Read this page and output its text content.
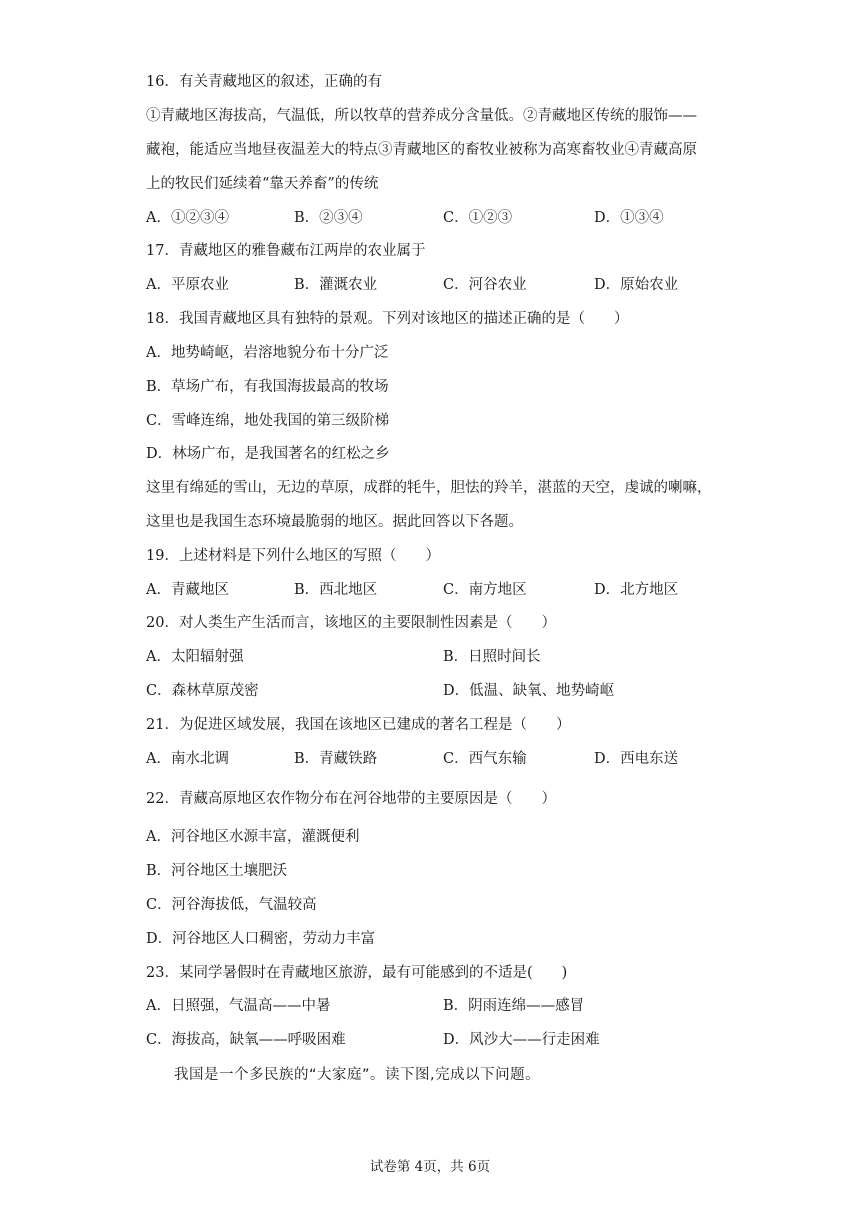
16．有关青藏地区的叙述，正确的有
①青藏地区海拔高，气温低，所以牧草的营养成分含量低。②青藏地区传统的服饰——
藏袍，能适应当地昼夜温差大的特点③青藏地区的畜牧业被称为高寒畜牧业④青藏高原
上的牧民们延续着“靠天养畜”的传统
A．①②③④	B．②③④	C．①②③	D．①③④
17．青藏地区的雅鲁藏布江两岸的农业属于
A．平原农业	B．灌溉农业	C．河谷农业	D．原始农业
18．我国青藏地区具有独特的景观。下列对该地区的描述正确的是（　　）
A．地势崎岖，岩溶地貌分布十分广泛
B．草场广布，有我国海拔最高的牧场
C．雪峰连绵，地处我国的第三级阶梯
D．林场广布，是我国著名的红松之乡
这里有绵延的雪山，无边的草原，成群的牦牛，胆怯的羚羊，湛蓝的天空，虔诚的喇嘛，
这里也是我国生态环境最脆弱的地区。据此回答以下各题。
19．上述材料是下列什么地区的写照（　　）
A．青藏地区	B．西北地区	C．南方地区	D．北方地区
20．对人类生产生活而言，该地区的主要限制性因素是（　　）
A．太阳辐射强	B．日照时间长
C．森林草原茂密	D．低温、缺氧、地势崎岖
21．为促进区域发展，我国在该地区已建成的著名工程是（　　）
A．南水北调	B．青藏铁路	C．西气东输	D．西电东送
22．青藏高原地区农作物分布在河谷地带的主要原因是（　　）
A．河谷地区水源丰富，灌溉便利
B．河谷地区土壤肥沃
C．河谷海拔低，气温较高
D．河谷地区人口稠密，劳动力丰富
23．某同学暑假时在青藏地区旅游，最有可能感到的不适是(　　)
A．日照强，气温高——中暑	B．阴雨连绵——感冒
C．海拔高，缺氧——呼吸困难	D．风沙大——行走困难
我国是一个多民族的“大家庭”。读下图,完成以下问题。
试卷第 4页，共 6页
